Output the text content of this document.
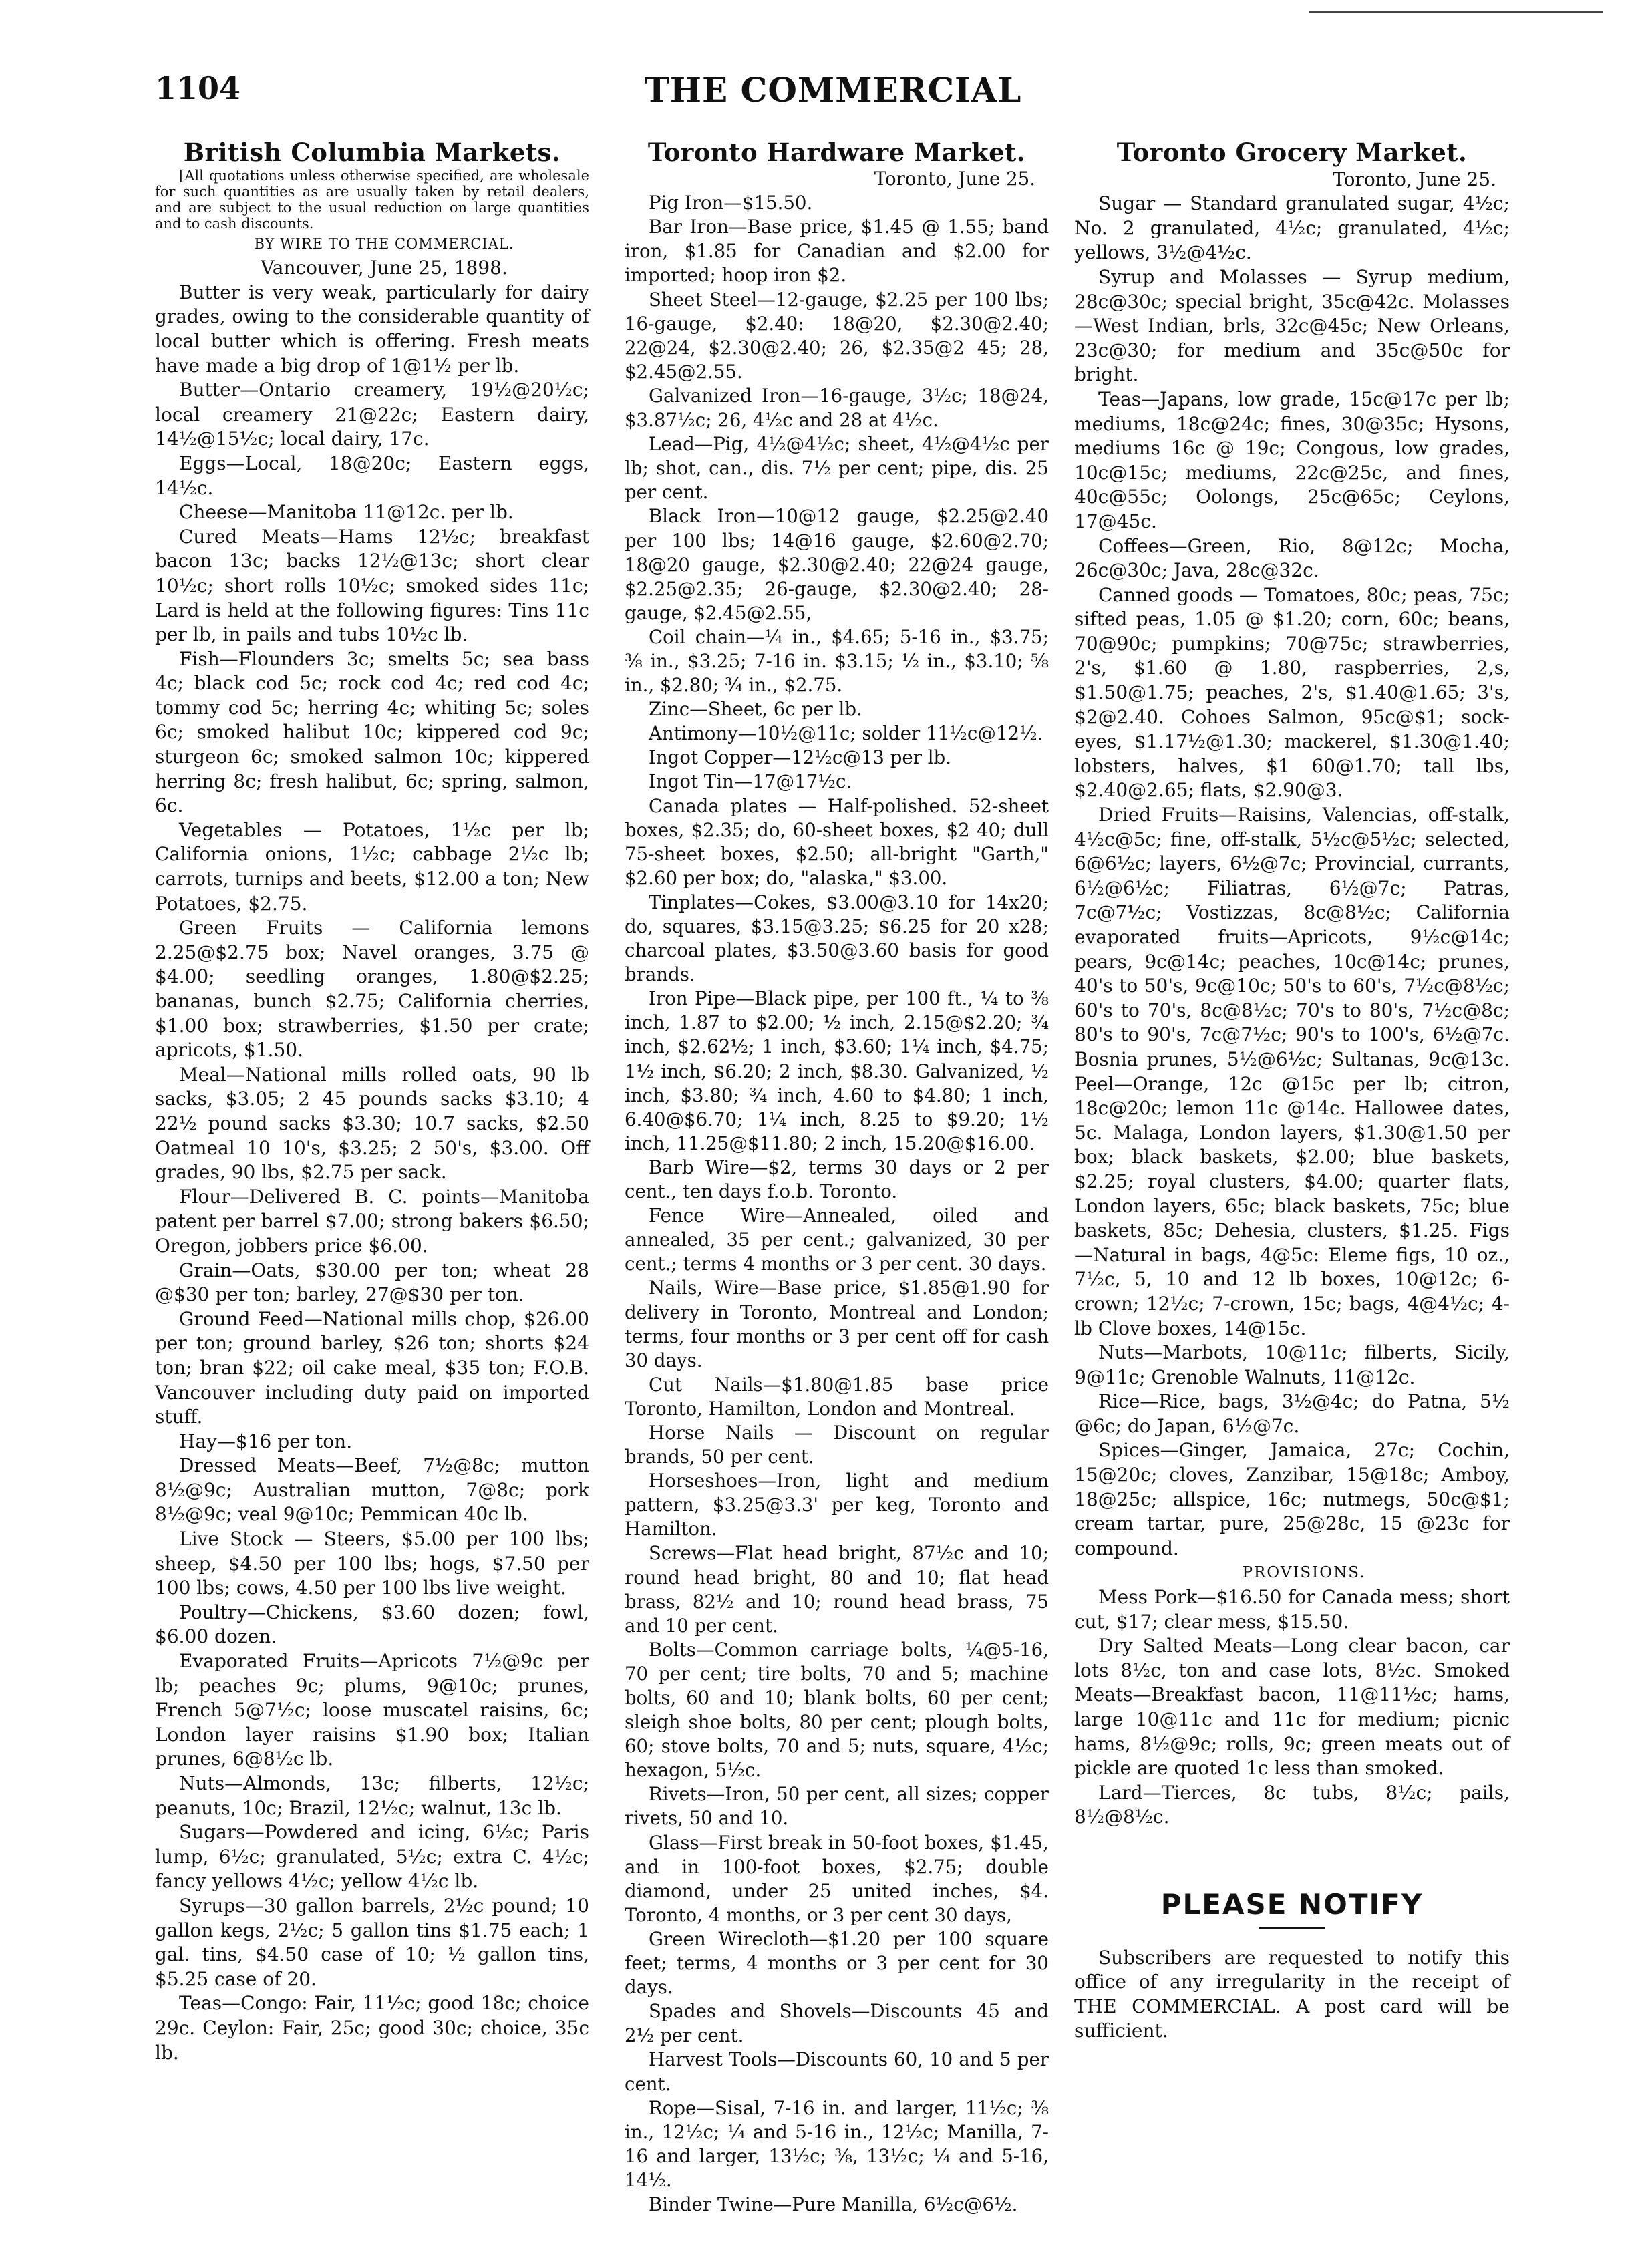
1104	THE COMMERCIAL
British Columbia Markets.

[All quotations unless otherwise specified, are wholesale for such quantities as are usually taken by retail dealers, and are subject to the usual reduction on large quantities and to cash discounts.

BY WIRE TO THE COMMERCIAL.

Vancouver, June 25, 1898.

Butter is very weak, particularly for dairy grades, owing to the considerable quantity of local butter which is offering. Fresh meats have made a big drop of 1@1½ per lb.

Butter—Ontario creamery, 19½@20½c; local creamery 21@22c; Eastern dairy, 14½@15½c; local dairy, 17c.

Eggs—Local, 18@20c; Eastern eggs, 14½c.

Cheese—Manitoba 11@12c. per lb.

Cured Meats—Hams 12½c; breakfast bacon 13c; backs 12½@13c; short clear 10½c; short rolls 10½c; smoked sides 11c; Lard is held at the following figures: Tins 11c per lb, in pails and tubs 10½c lb.

Fish—Flounders 3c; smelts 5c; sea bass 4c; black cod 5c; rock cod 4c; red cod 4c; tommy cod 5c; herring 4c; whiting 5c; soles 6c; smoked halibut 10c; kippered cod 9c; sturgeon 6c; smoked salmon 10c; kippered herring 8c; fresh halibut, 6c; spring, salmon, 6c.

Vegetables — Potatoes, 1½c per lb; California onions, 1½c; cabbage 2½c lb; carrots, turnips and beets, $12.00 a ton; New Potatoes, $2.75.

Green Fruits — California lemons 2.25@$2.75 box; Navel oranges, 3.75 @ $4.00; seedling oranges, 1.80@$2.25; bananas, bunch $2.75; California cherries, $1.00 box; strawberries, $1.50 per crate; apricots, $1.50.

Meal—National mills rolled oats, 90 lb sacks, $3.05; 2 45 pounds sacks $3.10; 4 22½ pound sacks $3.30; 10.7 sacks, $2.50 Oatmeal 10 10's, $3.25; 2 50's, $3.00. Off grades, 90 lbs, $2.75 per sack.

Flour—Delivered B. C. points—Manitoba patent per barrel $7.00; strong bakers $6.50; Oregon, jobbers price $6.00.

Grain—Oats, $30.00 per ton; wheat 28 @$30 per ton; barley, 27@$30 per ton.

Ground Feed—National mills chop, $26.00 per ton; ground barley, $26 ton; shorts $24 ton; bran $22; oil cake meal, $35 ton; F.O.B. Vancouver including duty paid on imported stuff.

Hay—$16 per ton.

Dressed Meats—Beef, 7½@8c; mutton 8½@9c; Australian mutton, 7@8c; pork 8½@9c; veal 9@10c; Pemmican 40c lb.

Live Stock — Steers, $5.00 per 100 lbs; sheep, $4.50 per 100 lbs; hogs, $7.50 per 100 lbs; cows, 4.50 per 100 lbs live weight.

Poultry—Chickens, $3.60 dozen; fowl, $6.00 dozen.

Evaporated Fruits—Apricots 7½@9c per lb; peaches 9c; plums, 9@10c; prunes, French 5@7½c; loose muscatel raisins, 6c; London layer raisins $1.90 box; Italian prunes, 6@8½c lb.

Nuts—Almonds, 13c; filberts, 12½c; peanuts, 10c; Brazil, 12½c; walnut, 13c lb.

Sugars—Powdered and icing, 6½c; Paris lump, 6½c; granulated, 5½c; extra C. 4½c; fancy yellows 4½c; yellow 4½c lb.

Syrups—30 gallon barrels, 2½c pound; 10 gallon kegs, 2½c; 5 gallon tins $1.75 each; 1 gal. tins, $4.50 case of 10; ½ gallon tins, $5.25 case of 20.

Teas—Congo: Fair, 11½c; good 18c; choice 29c. Ceylon: Fair, 25c; good 30c; choice, 35c lb.

Toronto Hardware Market.

Toronto, June 25.

Pig Iron—$15.50.

Bar Iron—Base price, $1.45 @ 1.55; band iron, $1.85 for Canadian and $2.00 for imported; hoop iron $2.

Sheet Steel—12-gauge, $2.25 per 100 lbs; 16-gauge, $2.40: 18@20, $2.30@2.40; 22@24, $2.30@2.40; 26, $2.35@2 45; 28, $2.45@2.55.

Galvanized Iron—16-gauge, 3½c; 18@24, $3.87½c; 26, 4½c and 28 at 4½c.

Lead—Pig, 4½@4½c; sheet, 4½@4½c per lb; shot, can., dis. 7½ per cent; pipe, dis. 25 per cent.

Black Iron—10@12 gauge, $2.25@2.40 per 100 lbs; 14@16 gauge, $2.60@2.70; 18@20 gauge, $2.30@2.40; 22@24 gauge, $2.25@2.35; 26-gauge, $2.30@2.40; 28-gauge, $2.45@2.55,

Coil chain—¼ in., $4.65; 5-16 in., $3.75; ⅜ in., $3.25; 7-16 in. $3.15; ½ in., $3.10; ⅝ in., $2.80; ¾ in., $2.75.

Zinc—Sheet, 6c per lb.

Antimony—10½@11c; solder 11½c@12½.

Ingot Copper—12½c@13 per lb.

Ingot Tin—17@17½c.

Canada plates — Half-polished. 52-sheet boxes, $2.35; do, 60-sheet boxes, $2 40; dull 75-sheet boxes, $2.50; all-bright "Garth," $2.60 per box; do, "alaska," $3.00.

Tinplates—Cokes, $3.00@3.10 for 14x20; do, squares, $3.15@3.25; $6.25 for 20 x28; charcoal plates, $3.50@3.60 basis for good brands.

Iron Pipe—Black pipe, per 100 ft., ¼ to ⅜ inch, 1.87 to $2.00; ½ inch, 2.15@$2.20; ¾ inch, $2.62½; 1 inch, $3.60; 1¼ inch, $4.75; 1½ inch, $6.20; 2 inch, $8.30. Galvanized, ½ inch, $3.80; ¾ inch, 4.60 to $4.80; 1 inch, 6.40@$6.70; 1¼ inch, 8.25 to $9.20; 1½ inch, 11.25@$11.80; 2 inch, 15.20@$16.00.

Barb Wire—$2, terms 30 days or 2 per cent., ten days f.o.b. Toronto.

Fence Wire—Annealed, oiled and annealed, 35 per cent.; galvanized, 30 per cent.; terms 4 months or 3 per cent. 30 days.

Nails, Wire—Base price, $1.85@1.90 for delivery in Toronto, Montreal and London; terms, four months or 3 per cent off for cash 30 days.

Cut Nails—$1.80@1.85 base price Toronto, Hamilton, London and Montreal.

Horse Nails — Discount on regular brands, 50 per cent.

Horseshoes—Iron, light and medium pattern, $3.25@3.3' per keg, Toronto and Hamilton.

Screws—Flat head bright, 87½c and 10; round head bright, 80 and 10; flat head brass, 82½ and 10; round head brass, 75 and 10 per cent.

Bolts—Common carriage bolts, ¼@5-16, 70 per cent; tire bolts, 70 and 5; machine bolts, 60 and 10; blank bolts, 60 per cent; sleigh shoe bolts, 80 per cent; plough bolts, 60; stove bolts, 70 and 5; nuts, square, 4½c; hexagon, 5½c.

Rivets—Iron, 50 per cent, all sizes; copper rivets, 50 and 10.

Glass—First break in 50-foot boxes, $1.45, and in 100-foot boxes, $2.75; double diamond, under 25 united inches, $4. Toronto, 4 months, or 3 per cent 30 days,

Green Wirecloth—$1.20 per 100 square feet; terms, 4 months or 3 per cent for 30 days.

Spades and Shovels—Discounts 45 and 2½ per cent.

Harvest Tools—Discounts 60, 10 and 5 per cent.

Rope—Sisal, 7-16 in. and larger, 11½c; ⅜ in., 12½c; ¼ and 5-16 in., 12½c; Manilla, 7-16 and larger, 13½c; ⅜, 13½c; ¼ and 5-16, 14½.

Binder Twine—Pure Manilla, 6½c@6½.

Toronto Grocery Market.

Toronto, June 25.

Sugar — Standard granulated sugar, 4½c; No. 2 granulated, 4½c; granulated, 4½c; yellows, 3½@4½c.

Syrup and Molasses — Syrup medium, 28c@30c; special bright, 35c@42c. Molasses—West Indian, brls, 32c@45c; New Orleans, 23c@30; for medium and 35c@50c for bright.

Teas—Japans, low grade, 15c@17c per lb; mediums, 18c@24c; fines, 30@35c; Hysons, mediums 16c @ 19c; Congous, low grades, 10c@15c; mediums, 22c@25c, and fines, 40c@55c; Oolongs, 25c@65c; Ceylons, 17@45c.

Coffees—Green, Rio, 8@12c; Mocha, 26c@30c; Java, 28c@32c.

Canned goods — Tomatoes, 80c; peas, 75c; sifted peas, 1.05 @ $1.20; corn, 60c; beans, 70@90c; pumpkins; 70@75c; strawberries, 2's, $1.60 @ 1.80, raspberries, 2,s, $1.50@1.75; peaches, 2's, $1.40@1.65; 3's, $2@2.40. Cohoes Salmon, 95c@$1; sock-eyes, $1.17½@1.30; mackerel, $1.30@1.40; lobsters, halves, $1 60@1.70; tall lbs, $2.40@2.65; flats, $2.90@3.

Dried Fruits—Raisins, Valencias, off-stalk, 4½c@5c; fine, off-stalk, 5½c@5½c; selected, 6@6½c; layers, 6½@7c; Provincial, currants, 6½@6½c; Filiatras, 6½@7c; Patras, 7c@7½c; Vostizzas, 8c@8½c; California evaporated fruits—Apricots, 9½c@14c; pears, 9c@14c; peaches, 10c@14c; prunes, 40's to 50's, 9c@10c; 50's to 60's, 7½c@8½c; 60's to 70's, 8c@8½c; 70's to 80's, 7½c@8c; 80's to 90's, 7c@7½c; 90's to 100's, 6½@7c. Bosnia prunes, 5½@6½c; Sultanas, 9c@13c. Peel—Orange, 12c @15c per lb; citron, 18c@20c; lemon 11c @14c. Hallowee dates, 5c. Malaga, London layers, $1.30@1.50 per box; black baskets, $2.00; blue baskets, $2.25; royal clusters, $4.00; quarter flats, London layers, 65c; black baskets, 75c; blue baskets, 85c; Dehesia, clusters, $1.25. Figs —Natural in bags, 4@5c: Eleme figs, 10 oz., 7½c, 5, 10 and 12 lb boxes, 10@12c; 6-crown; 12½c; 7-crown, 15c; bags, 4@4½c; 4-lb Clove boxes, 14@15c.

Nuts—Marbots, 10@11c; filberts, Sicily, 9@11c; Grenoble Walnuts, 11@12c.

Rice—Rice, bags, 3½@4c; do Patna, 5½ @6c; do Japan, 6½@7c.

Spices—Ginger, Jamaica, 27c; Cochin, 15@20c; cloves, Zanzibar, 15@18c; Amboy, 18@25c; allspice, 16c; nutmegs, 50c@$1; cream tartar, pure, 25@28c, 15 @23c for compound.

PROVISIONS.

Mess Pork—$16.50 for Canada mess; short cut, $17; clear mess, $15.50.

Dry Salted Meats—Long clear bacon, car lots 8½c, ton and case lots, 8½c. Smoked Meats—Breakfast bacon, 11@11½c; hams, large 10@11c and 11c for medium; picnic hams, 8½@9c; rolls, 9c; green meats out of pickle are quoted 1c less than smoked.

Lard—Tierces, 8c tubs, 8½c; pails, 8½@8½c.

PLEASE NOTIFY

Subscribers are requested to notify this office of any irregularity in the receipt of THE COMMERCIAL. A post card will be sufficient.
